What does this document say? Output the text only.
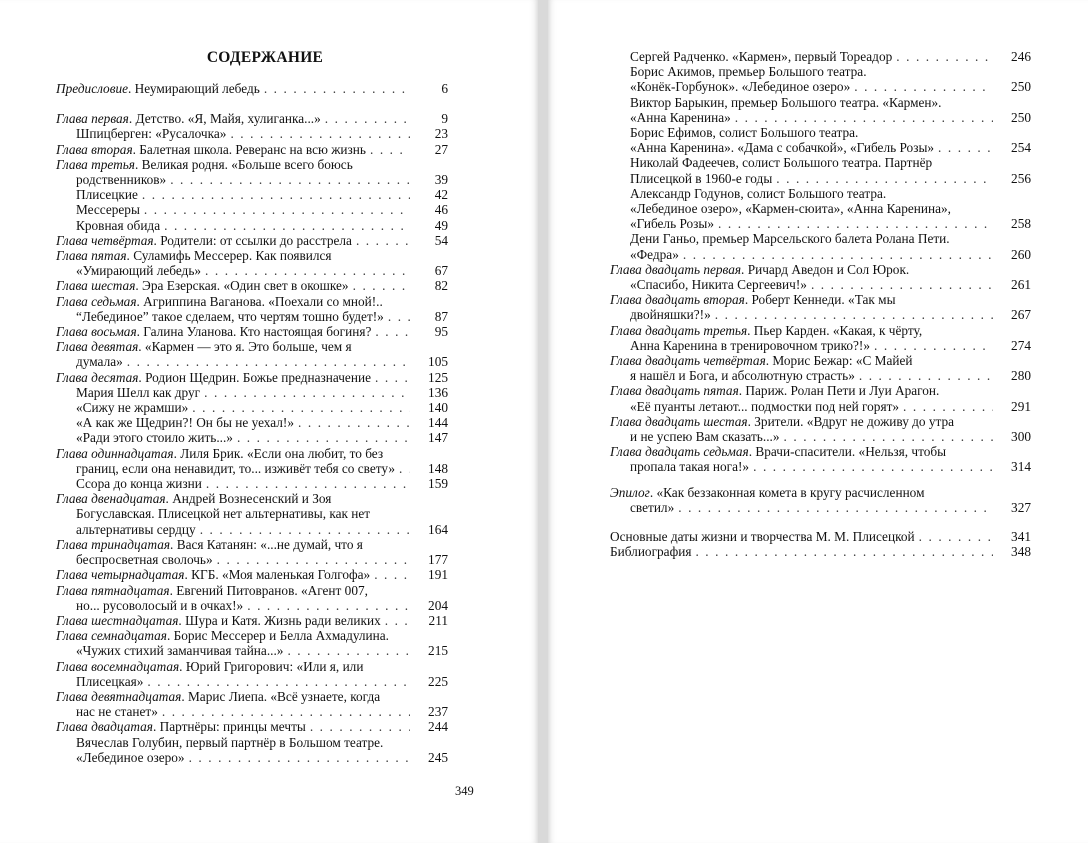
СОДЕРЖАНИЕ
Предисловие. Неумирающий лебедь . . .	6
Глава первая. Детство. «Я, Майя, хулиганка...» . . .	9
Шпицберген: «Русалочка» . . .	23
Глава вторая. Балетная школа. Реверанс на всю жизнь . . .	27
Глава третья. Великая родня. «Больше всего боюсь
родственников» . . .	39
Плисецкие . . .	42
Мессереры . . .	46
Кровная обида . . .	49
Глава четвёртая. Родители: от ссылки до расстрела . . .	54
Глава пятая. Суламифь Мессерер. Как появился
«Умирающий лебедь» . . .	67
Глава шестая. Эра Езерская. «Один свет в окошке» . . .	82
Глава седьмая. Агриппина Ваганова. «Поехали со мной!..
“Лебединое” такое сделаем, что чертям тошно будет!» . . .	87
Глава восьмая. Галина Уланова. Кто настоящая богиня? . . .	95
Глава девятая. «Кармен — это я. Это больше, чем я
думала» . . .	105
Глава десятая. Родион Щедрин. Божье предназначение . . .	125
Мария Шелл как друг . . .	136
«Сижу не жрамши» . . .	140
«А как же Щедрин?! Он бы не уехал!» . . .	144
«Ради этого стоило жить...» . . .	147
Глава одиннадцатая. Лиля Брик. «Если она любит, то без
границ, если она ненавидит, то... изживёт тебя со свету» . . .	148
Ссора до конца жизни . . .	159
Глава двенадцатая. Андрей Вознесенский и Зоя
Богуславская. Плисецкой нет альтернативы, как нет
альтернативы сердцу . . .	164
Глава тринадцатая. Вася Катанян: «...не думай, что я
беспросветная сволочь» . . .	177
Глава четырнадцатая. КГБ. «Моя маленькая Голгофа» . . .	191
Глава пятнадцатая. Евгений Питовранов. «Агент 007,
но... русоволосый и в очках!» . . .	204
Глава шестнадцатая. Шура и Катя. Жизнь ради великих . . .	211
Глава семнадцатая. Борис Мессерер и Белла Ахмадулина.
«Чужих стихий заманчивая тайна...» . . .	215
Глава восемнадцатая. Юрий Григорович: «Или я, или
Плисецкая» . . .	225
Глава девятнадцатая. Марис Лиепа. «Всё узнаете, когда
нас не станет» . . .	237
Глава двадцатая. Партнёры: принцы мечты . . .	244
Вячеслав Голубин, первый партнёр в Большом театре.
«Лебединое озеро» . . .	245
349
Сергей Радченко. «Кармен», первый Тореадор . . .	246
Борис Акимов, премьер Большого театра.
«Конёк-Горбунок». «Лебединое озеро» . . .	250
Виктор Барыкин, премьер Большого театра. «Кармен».
«Анна Каренина» . . .	250
Борис Ефимов, солист Большого театра.
«Анна Каренина». «Дама с собачкой», «Гибель Розы» . . .	254
Николай Фадеечев, солист Большого театра. Партнёр
Плисецкой в 1960-е годы . . .	256
Александр Годунов, солист Большого театра.
«Лебединое озеро», «Кармен-сюита», «Анна Каренина»,
«Гибель Розы» . . .	258
Дени Ганьо, премьер Марсельского балета Ролана Пети.
«Федра» . . .	260
Глава двадцать первая. Ричард Аведон и Сол Юрок.
«Спасибо, Никита Сергеевич!» . . .	261
Глава двадцать вторая. Роберт Кеннеди. «Так мы
двойняшки?!» . . .	267
Глава двадцать третья. Пьер Карден. «Какая, к чёрту,
Анна Каренина в тренировочном трико?!» . . .	274
Глава двадцать четвёртая. Морис Бежар: «С Майей
я нашёл и Бога, и абсолютную страсть» . . .	280
Глава двадцать пятая. Париж. Ролан Пети и Луи Арагон.
«Её пуанты летают... подмостки под ней горят» . . .	291
Глава двадцать шестая. Зрители. «Вдруг не доживу до утра
и не успею Вам сказать...» . . .	300
Глава двадцать седьмая. Врачи-спасители. «Нельзя, чтобы
пропала такая нога!» . . .	314
Эпилог. «Как беззаконная комета в кругу расчисленном
светил» . . .	327
Основные даты жизни и творчества М. М. Плисецкой . . .	341
Библиография . . .	348
